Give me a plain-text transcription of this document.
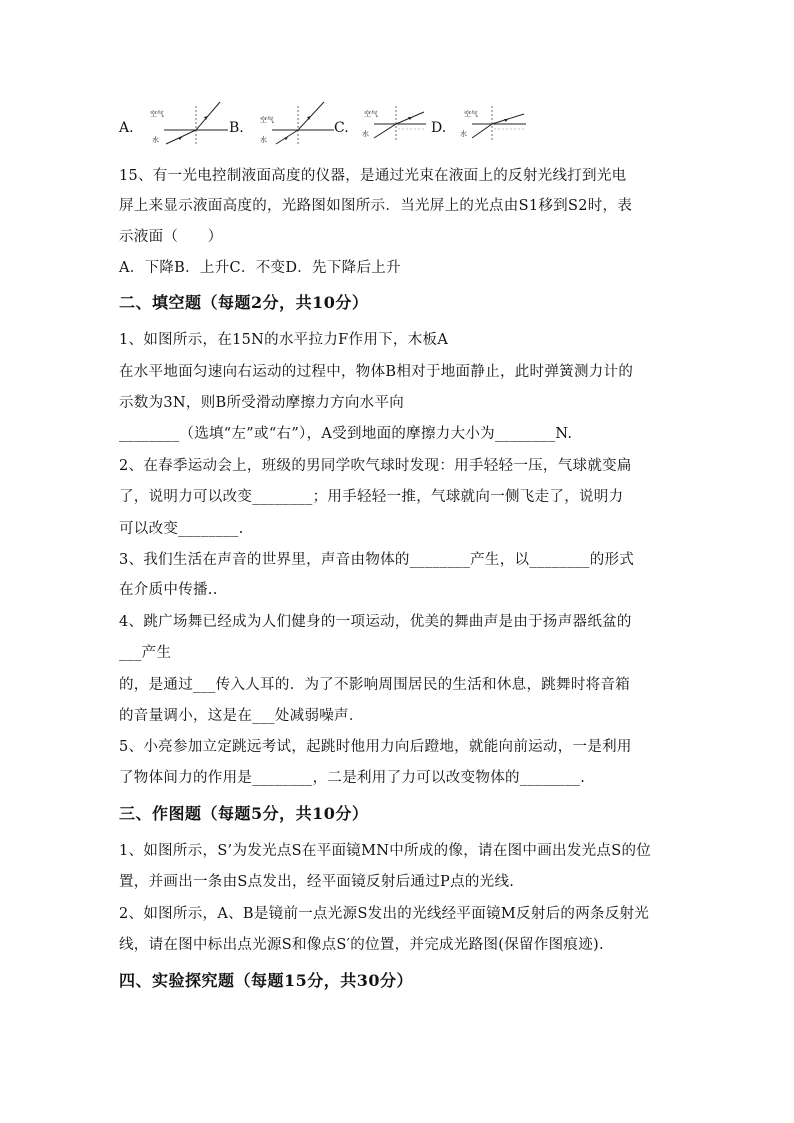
A.
空气
水
B. 空气
水
C.
空气
水	D.
空气
水
15、有一光电控制液面高度的仪器，是通过光束在液面上的反射光线打到光电
屏上来显示液面高度的，光路图如图所示．当光屏上的光点由S1移到S2时，表
示液面（　　）
A．下降B．上升C．不变D．先下降后上升
二、填空题（每题2分，共10分）
1、如图所示，在15N的水平拉力F作用下，木板A
在水平地面匀速向右运动的过程中，物体B相对于地面静止，此时弹簧测力计的
示数为3N，则B所受滑动摩擦力方向水平向
________（选填“左”或“右”），A受到地面的摩擦力大小为________N.
2、在春季运动会上，班级的男同学吹气球时发现：用手轻轻一压，气球就变扁
了，说明力可以改变________；用手轻轻一推，气球就向一侧飞走了，说明力
可以改变________.
3、我们生活在声音的世界里，声音由物体的________产生，以________的形式
在介质中传播..
4、跳广场舞已经成为人们健身的一项运动，优美的舞曲声是由于扬声器纸盆的
___产生
的，是通过___传入人耳的．为了不影响周围居民的生活和休息，跳舞时将音箱
的音量调小，这是在___处减弱噪声．
5、小亮参加立定跳远考试，起跳时他用力向后蹬地，就能向前运动，一是利用
了物体间力的作用是________，二是利用了力可以改变物体的________.
三、作图题（每题5分，共10分）
1、如图所示，S’为发光点S在平面镜MN中所成的像，请在图中画出发光点S的位
置，并画出一条由S点发出，经平面镜反射后通过P点的光线.
2、如图所示，A、B是镜前一点光源S发出的光线经平面镜M反射后的两条反射光
线，请在图中标出点光源S和像点S′的位置，并完成光路图(保留作图痕迹).
四、实验探究题（每题15分，共30分）
